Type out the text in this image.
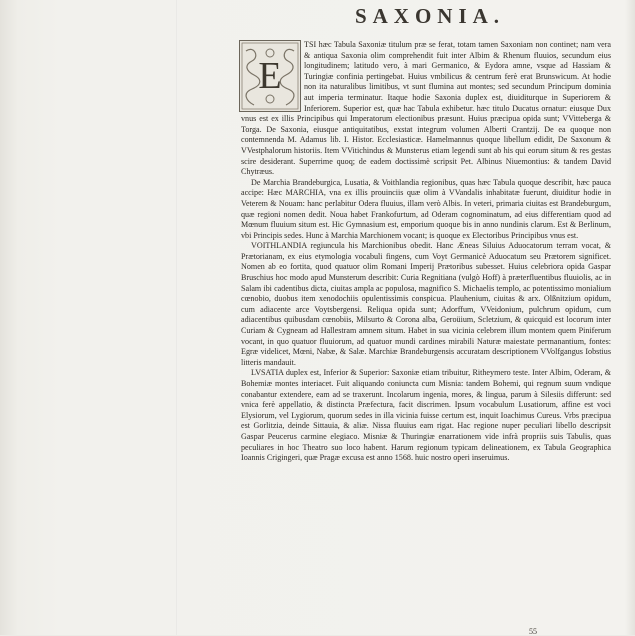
SAXONIA.
E

TSI hæc Tabula Saxoniæ titulum præ se ferat, totam tamen Saxoniam non continet; nam vera & antiqua Saxonia olim comprehendit fuit inter Albim & Rhenum fluuios, secundum eius longitudinem; latitudo vero, à mari Germanico, & Eydora amne, vsque ad Hassiam & Turingiæ confinia pertingebat. Huius vmbilicus & centrum ferè erat Brunswicum. At hodie non ita naturalibus limitibus, vt sunt flumina aut montes; sed secundum Principum dominia aut imperia terminatur. Itaque hodie Saxonia duplex est, diuiditurque in Superiorem & Inferiorem. Superior est, quæ hac Tabula exhibetur. hæc titulo Ducatus ornatur: eiusque Dux vnus est ex illis Principibus qui Imperatorum electionibus præsunt. Huius præcipua opida sunt; VVitteberga & Torga. De Saxonia, eiusque antiquitatibus, exstat integrum volumen Alberti Crantzij. De ea quoque non contemnenda M. Adamus lib. I. Histor. Ecclesiasticæ. Hamelmannus quoque libellum edidit, De Saxonum & VVestphalorum historiis. Item VVitichindus & Munsterus etiam legendi sunt ab his qui eorum situm & res gestas scire desiderant. Superrime quoq; de eadem doctissimè scripsit Pet. Albinus Niuemontius: & tandem David Chytræus.

De Marchia Brandeburgica, Lusatia, & Voithlandia regionibus, quas hæc Tabula quoque describit, hæc pauca accipe: Hæc MARCHIA, vna ex illis prouinciis quæ olim à VVandalis inhabitatæ fuerunt, diuiditur hodie in Veterem & Nouam: hanc perlabitur Odera fluuius, illam verò Albis. In veteri, primaria ciuitas est Brandeburgum, quæ regioni nomen dedit. Noua habet Frankofurtum, ad Oderam cognominatum, ad eius differentiam quod ad Mœnum fluuium situm est. Hic Gymnasium est, emporium quoque bis in anno nundinis clarum. Est & Berlinum, vbi Principis sedes. Hunc à Marchia Marchionem vocant; is quoque ex Electoribus Principibus vnus est.

VOITHLANDIA regiuncula his Marchionibus obedit. Hanc Æneas Siluius Aduocatorum terram vocat, & Prætorianam, ex eius etymologia vocabuli fingens, cum Voyt Germanicè Aduocatum seu Prætorem significet. Nomen ab eo fortita, quod quatuor olim Romani Imperij Prætoribus subesset. Huius celebriora opida Gaspar Bruschius hoc modo apud Munsterum describit: Curia Regnitiana (vulgò Hoff) à præterfluentibus fluuiolis, ac in Salam ibi cadentibus dicta, ciuitas ampla ac populosa, magnifico S. Michaelis templo, ac potentissimo monialium cœnobio, duobus item xenodochiis opulentissimis conspicua. Plauhenium, ciuitas & arx. Olßnitzium opidum, cum adiacente arce Voytsbergensi. Reliqua opida sunt; Adorffum, VVeidonium, pulchrum opidum, cum adiacentibus quibusdam cœnobiis, Milsurto & Corona alba, Geroüium, Scletzium, & quicquid est locorum inter Curiam & Cygneam ad Hallestram amnem situm. Habet in sua vicinia celebrem illum montem quem Piniferum vocant, in quo quatuor fluuiorum, ad quatuor mundi cardines mirabili Naturæ maiestate permanantium, fontes: Egræ videlicet, Mœni, Nabæ, & Salæ. Marchiæ Brandeburgensis accuratam descriptionem VVolfgangus Iobstius litteris mandauit.

LVSATIA duplex est, Inferior & Superior: Saxoniæ etiam tribuitur, Ritheymero teste. Inter Albim, Oderam, & Bohemiæ montes interiacet. Fuit aliquando coniuncta cum Misnia: tandem Bohemi, qui regnum suum vndique conabantur extendere, eam ad se traxerunt. Incolarum ingenia, mores, & lingua, parum à Silesiis differunt: sed vnica ferè appellatio, & distincta Præfectura, facit discrimen. Ipsum vocabulum Lusatiorum, affine est voci Elysiorum, vel Lygiorum, quorum sedes in illa vicinia fuisse certum est, inquit Ioachimus Cureus. Vrbs præcipua est Gorlitzia, deinde Sittauia, & aliæ. Nissa fluuius eam rigat. Hac regione nuper peculiari libello descripsit Gaspar Peucerus carmine elegiaco. Misniæ & Thuringiæ enarrationem vide infrà propriis suis Tabulis, quas peculiares in hoc Theatro suo loco habent. Harum regionum typicam delineationem, ex Tabula Geographica Ioannis Crigingeri, quæ Pragæ excusa est anno 1568. huic nostro operi inseruimus.

55
